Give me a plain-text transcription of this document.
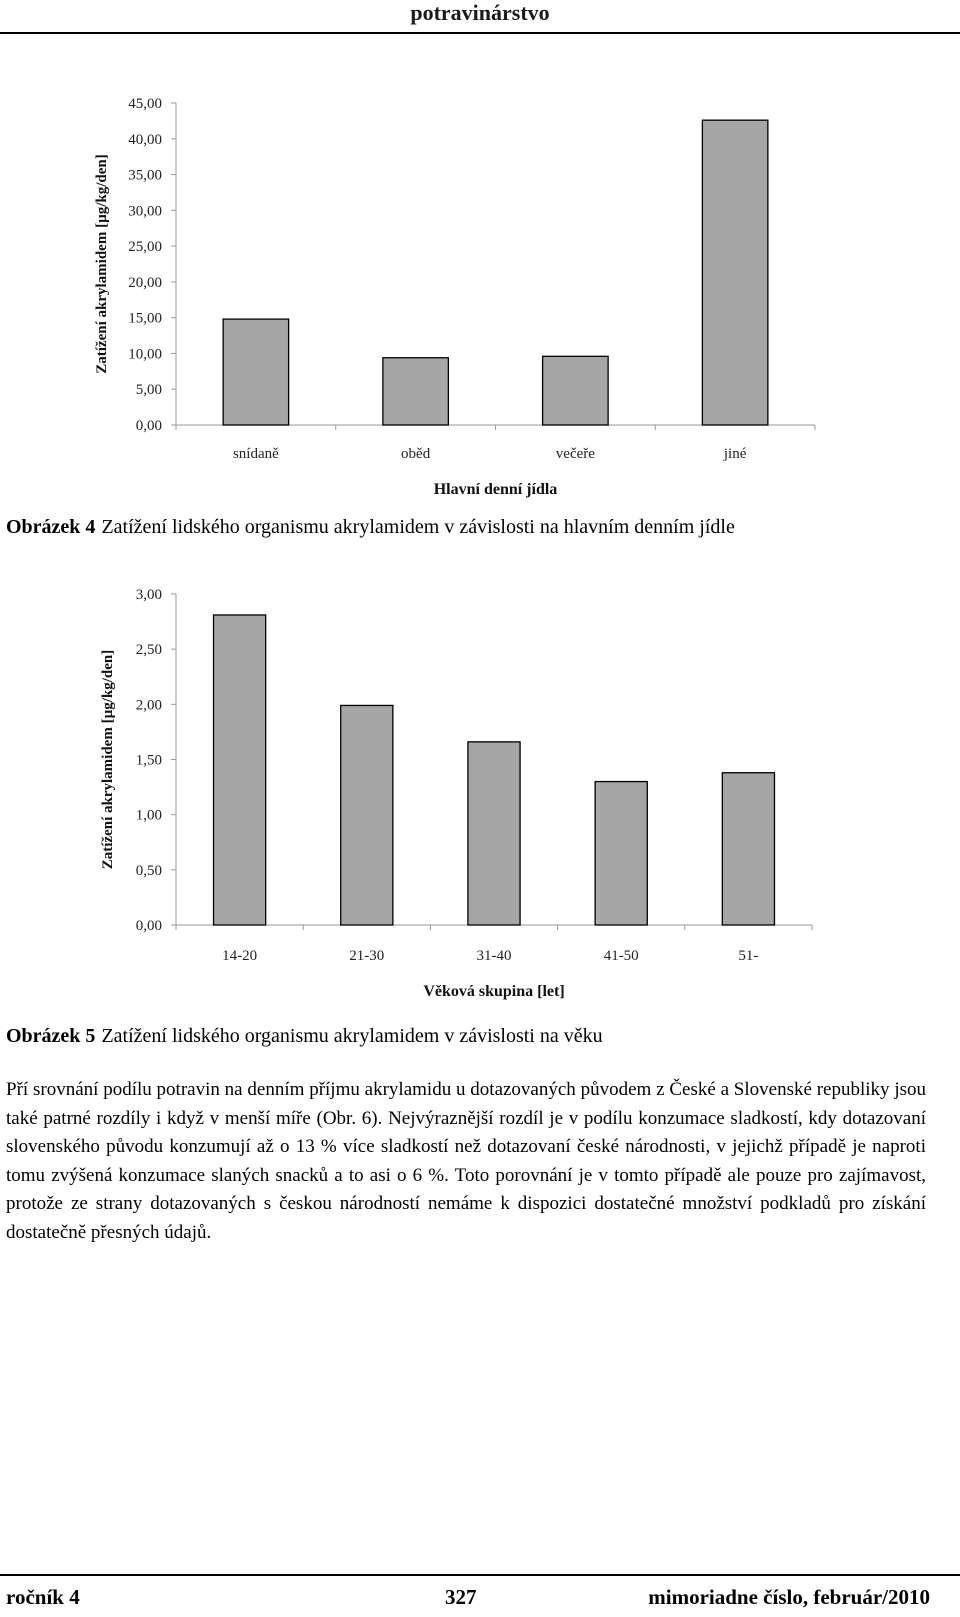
potravinárstvo
0,00
5,00
10,00
15,00
20,00
25,00
30,00
35,00
40,00
45,00
snídaně	oběd	večeře	jiné
Hlavní denní jídla
Zatížení akrylamidem [µg/kg/den]
Obrázek 4 Zatížení lidského organismu akrylamidem v závislosti na hlavním denním jídle
0,00
0,50
1,00
1,50
2,00
2,50
3,00
14-20	21-30	31-40	41-50	51-
Věková skupina [let]
Zatížení akrylamidem [µg/kg/den]
Obrázek 5 Zatížení lidského organismu akrylamidem v závislosti na věku

Pří srovnání podílu potravin na denním příjmu akrylamidu u dotazovaných původem z České a Slovenské republiky jsou také patrné rozdíly i když v menší míře (Obr. 6). Nejvýraznější rozdíl je v podílu konzumace sladkostí, kdy dotazovaní slovenského původu konzumují až o 13 % více sladkostí než dotazovaní české národnosti, v jejichž případě je naproti tomu zvýšená konzumace slaných snacků a to asi o 6 %. Toto porovnání je v tomto případě ale pouze pro zajímavost, protože ze strany dotazovaných s českou národností nemáme k dispozici dostatečné množství podkladů pro získání dostatečně přesných údajů.

ročník 4	327	mimoriadne číslo, február/2010
